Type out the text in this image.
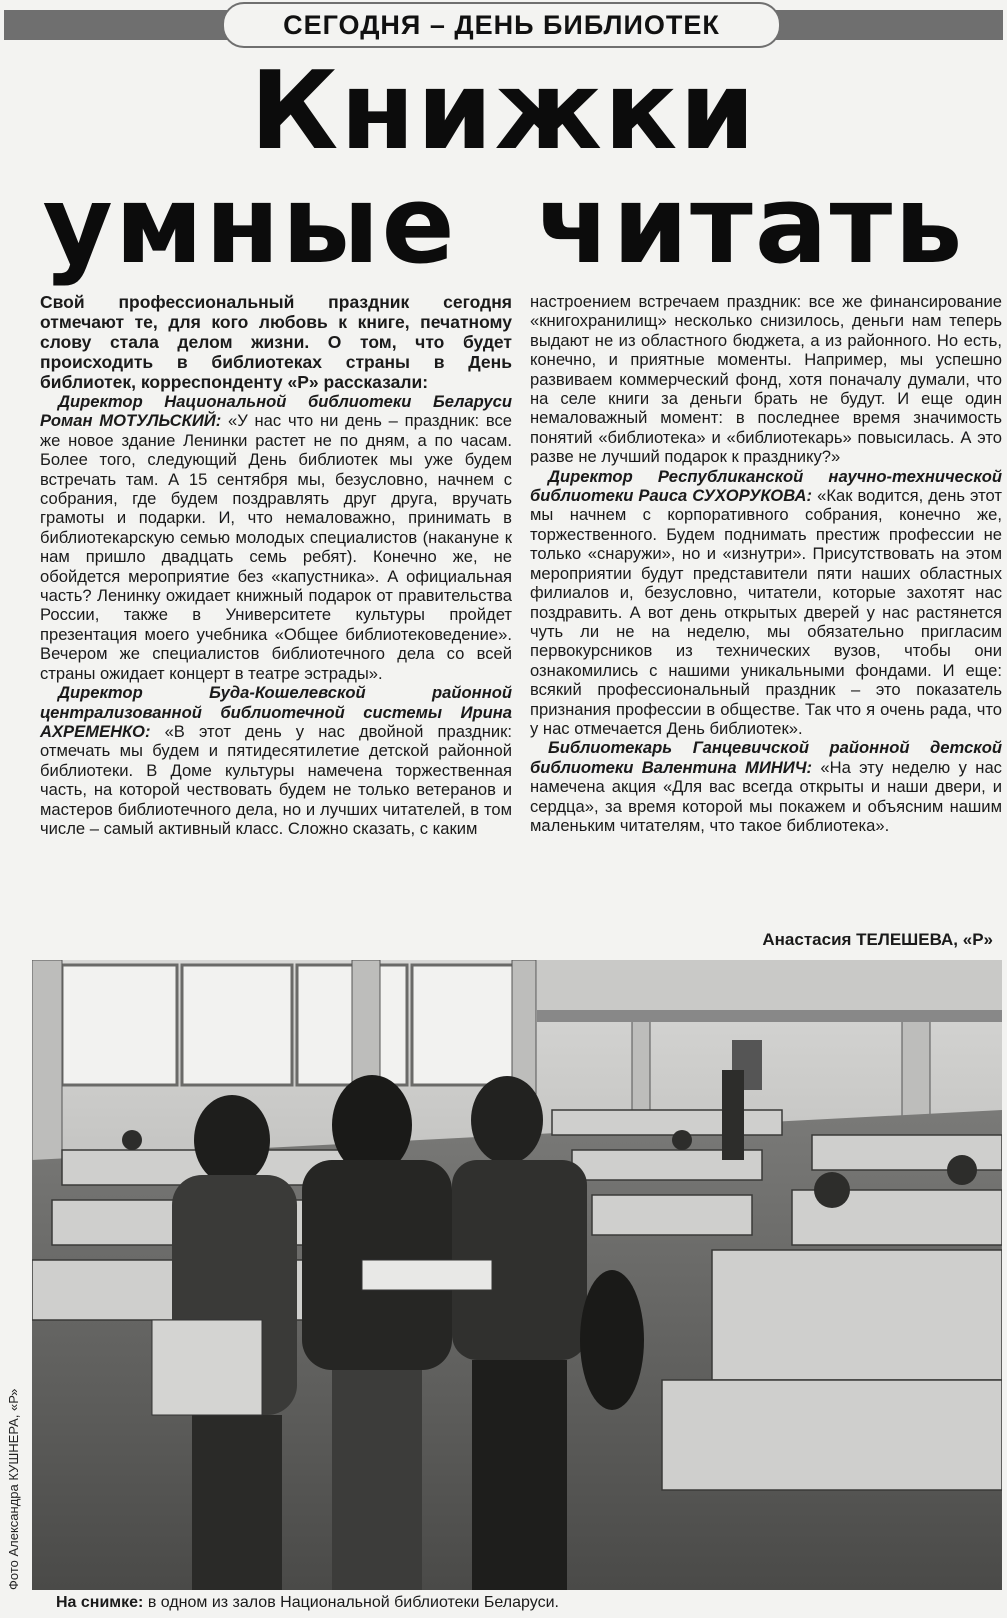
СЕГОДНЯ – ДЕНЬ БИБЛИОТЕК
Книжки
умные читать

Свой профессиональный праздник сегодня отмечают те, для кого любовь к книге, печатному слову стала делом жизни. О том, что будет происходить в библиотеках страны в День библиотек, корреспонденту «Р» рассказали:

Директор Национальной библиотеки Беларуси Роман МОТУЛЬСКИЙ: «У нас что ни день – праздник: все же новое здание Ленинки растет не по дням, а по часам. Более того, следующий День библиотек мы уже будем встречать там. А 15 сентября мы, безусловно, начнем с собрания, где будем поздравлять друг друга, вручать грамоты и подарки. И, что немаловажно, принимать в библиотекарскую семью молодых специалистов (накануне к нам пришло двадцать семь ребят). Конечно же, не обойдется мероприятие без «капустника». А официальная часть? Ленинку ожидает книжный подарок от правительства России, также в Университете культуры пройдет презентация моего учебника «Общее библиотековедение». Вечером же специалистов библиотечного дела со всей страны ожидает концерт в театре эстрады».

Директор Буда-Кошелевской районной централизованной библиотечной системы Ирина АХРЕМЕНКО: «В этот день у нас двойной праздник: отмечать мы будем и пятидесятилетие детской районной библиотеки. В Доме культуры намечена торжественная часть, на которой чествовать будем не только ветеранов и мастеров библиотечного дела, но и лучших читателей, в том числе – самый активный класс. Сложно сказать, с каким

настроением встречаем праздник: все же финансирование «книгохранилищ» несколько снизилось, деньги нам теперь выдают не из областного бюджета, а из районного. Но есть, конечно, и приятные моменты. Например, мы успешно развиваем коммерческий фонд, хотя поначалу думали, что на селе книги за деньги брать не будут. И еще один немаловажный момент: в последнее время значимость понятий «библиотека» и «библиотекарь» повысилась. А это разве не лучший подарок к празднику?»

Директор Республиканской научно-технической библиотеки Раиса СУХОРУКОВА: «Как водится, день этот мы начнем с корпоративного собрания, конечно же, торжественного. Будем поднимать престиж профессии не только «снаружи», но и «изнутри». Присутствовать на этом мероприятии будут представители пяти наших областных филиалов и, безусловно, читатели, которые захотят нас поздравить. А вот день открытых дверей у нас растянется чуть ли не на неделю, мы обязательно пригласим первокурсников из технических вузов, чтобы они ознакомились с нашими уникальными фондами. И еще: всякий профессиональный праздник – это показатель признания профессии в обществе. Так что я очень рада, что у нас отмечается День библиотек».

Библиотекарь Ганцевичской районной детской библиотеки Валентина МИНИЧ: «На эту неделю у нас намечена акция «Для вас всегда открыты и наши двери, и сердца», за время которой мы покажем и объясним нашим маленьким читателям, что такое библиотека».

Анастасия ТЕЛЕШЕВА, «Р»
Фото Александра КУШНЕРА, «Р»
На снимке: в одном из залов Национальной библиотеки Беларуси.
